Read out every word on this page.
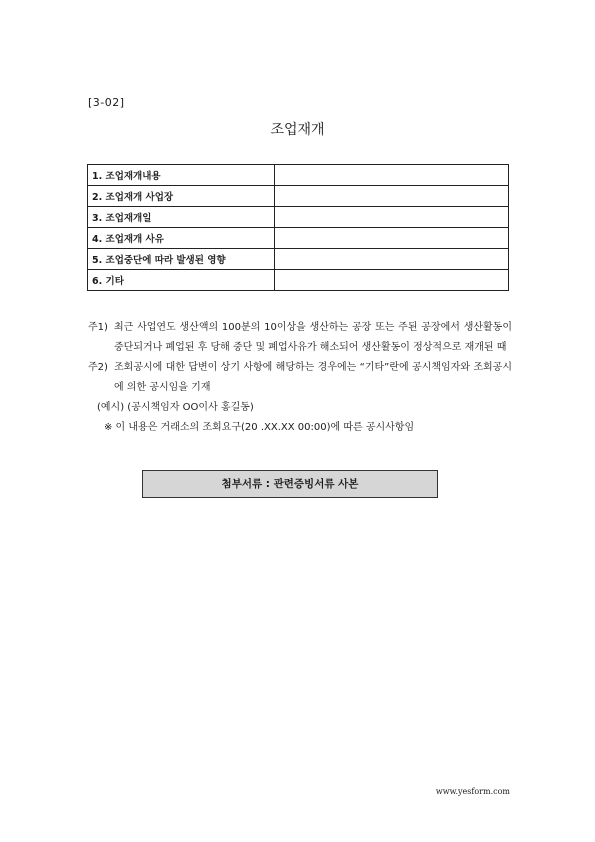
[3-02]
조업재개
1. 조업재개내용	
2. 조업재개 사업장	
3. 조업재개일	
4. 조업재개 사유	
5. 조업중단에 따라 발생된 영향	
6. 기타	
주1) 최근 사업연도 생산액의 100분의 10이상을 생산하는 공장 또는 주된 공장에서 생산활동이 중단되거나 폐업된 후 당해 중단 및 폐업사유가 해소되어 생산활동이 정상적으로 재개된 때
주2) 조회공시에 대한 답변이 상기 사항에 해당하는 경우에는 “기타”란에 공시책임자와 조회공시에 의한 공시임을 기재
(예시) (공시책임자 OO이사 홍길동)
※ 이 내용은 거래소의 조회요구(20 .XX.XX 00:00)에 따른 공시사항임
첨부서류 : 관련증빙서류 사본
www.yesform.com
